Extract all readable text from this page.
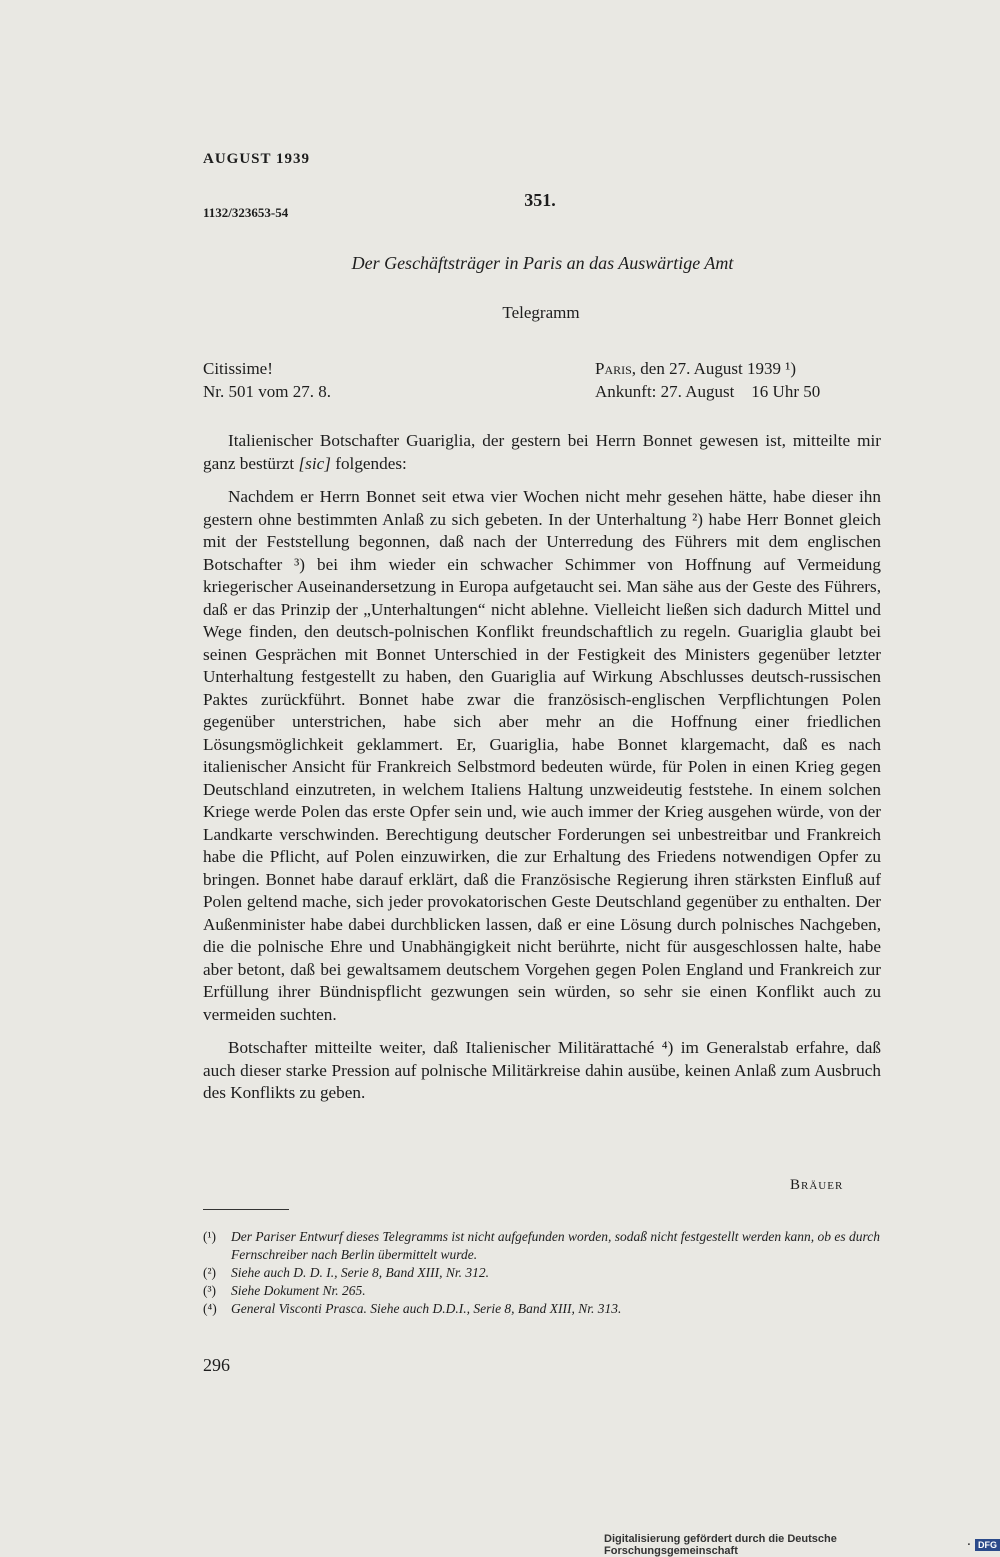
AUGUST 1939
351.
1132/323653-54
Der Geschäftsträger in Paris an das Auswärtige Amt
Telegramm
Citissime!
Nr. 501 vom 27. 8.
Paris, den 27. August 1939 ¹)
Ankunft: 27. August    16 Uhr 50

Italienischer Botschafter Guariglia, der gestern bei Herrn Bonnet gewesen ist, mitteilte mir ganz bestürzt [sic] folgendes:

Nachdem er Herrn Bonnet seit etwa vier Wochen nicht mehr gesehen hätte, habe dieser ihn gestern ohne bestimmten Anlaß zu sich gebeten. In der Unterhaltung ²) habe Herr Bonnet gleich mit der Feststellung begonnen, daß nach der Unterredung des Führers mit dem englischen Botschafter ³) bei ihm wieder ein schwacher Schimmer von Hoffnung auf Vermeidung kriegerischer Auseinandersetzung in Europa aufgetaucht sei. Man sähe aus der Geste des Führers, daß er das Prinzip der „Unterhaltungen“ nicht ablehne. Vielleicht ließen sich dadurch Mittel und Wege finden, den deutsch-polnischen Konflikt freundschaftlich zu regeln. Guariglia glaubt bei seinen Gesprächen mit Bonnet Unterschied in der Festigkeit des Ministers gegenüber letzter Unterhaltung festgestellt zu haben, den Guariglia auf Wirkung Abschlusses deutsch-russischen Paktes zurückführt. Bonnet habe zwar die französisch-englischen Verpflichtungen Polen gegenüber unterstrichen, habe sich aber mehr an die Hoffnung einer friedlichen Lösungsmöglichkeit geklammert. Er, Guariglia, habe Bonnet klargemacht, daß es nach italienischer Ansicht für Frankreich Selbstmord bedeuten würde, für Polen in einen Krieg gegen Deutschland einzutreten, in welchem Italiens Haltung unzweideutig feststehe. In einem solchen Kriege werde Polen das erste Opfer sein und, wie auch immer der Krieg ausgehen würde, von der Landkarte verschwinden. Berechtigung deutscher Forderungen sei unbestreitbar und Frankreich habe die Pflicht, auf Polen einzuwirken, die zur Erhaltung des Friedens notwendigen Opfer zu bringen. Bonnet habe darauf erklärt, daß die Französische Regierung ihren stärksten Einfluß auf Polen geltend mache, sich jeder provokatorischen Geste Deutschland gegenüber zu enthalten. Der Außenminister habe dabei durchblicken lassen, daß er eine Lösung durch polnisches Nachgeben, die die polnische Ehre und Unabhängigkeit nicht berührte, nicht für ausgeschlossen halte, habe aber betont, daß bei gewaltsamem deutschem Vorgehen gegen Polen England und Frankreich zur Erfüllung ihrer Bündnispflicht gezwungen sein würden, so sehr sie einen Konflikt auch zu vermeiden suchten.

Botschafter mitteilte weiter, daß Italienischer Militärattaché ⁴) im Generalstab erfahre, daß auch dieser starke Pression auf polnische Militärkreise dahin ausübe, keinen Anlaß zum Ausbruch des Konflikts zu geben.

Bräuer
(¹)	Der Pariser Entwurf dieses Telegramms ist nicht aufgefunden worden, sodaß nicht festgestellt werden kann, ob es durch Fernschreiber nach Berlin übermittelt wurde.
(²)	Siehe auch D. D. I., Serie 8, Band XIII, Nr. 312.
(³)	Siehe Dokument Nr. 265.
(⁴)	General Visconti Prasca. Siehe auch D.D.I., Serie 8, Band XIII, Nr. 313.
296
Digitalisierung gefördert durch die Deutsche Forschungsgemeinschaft	· DFG
